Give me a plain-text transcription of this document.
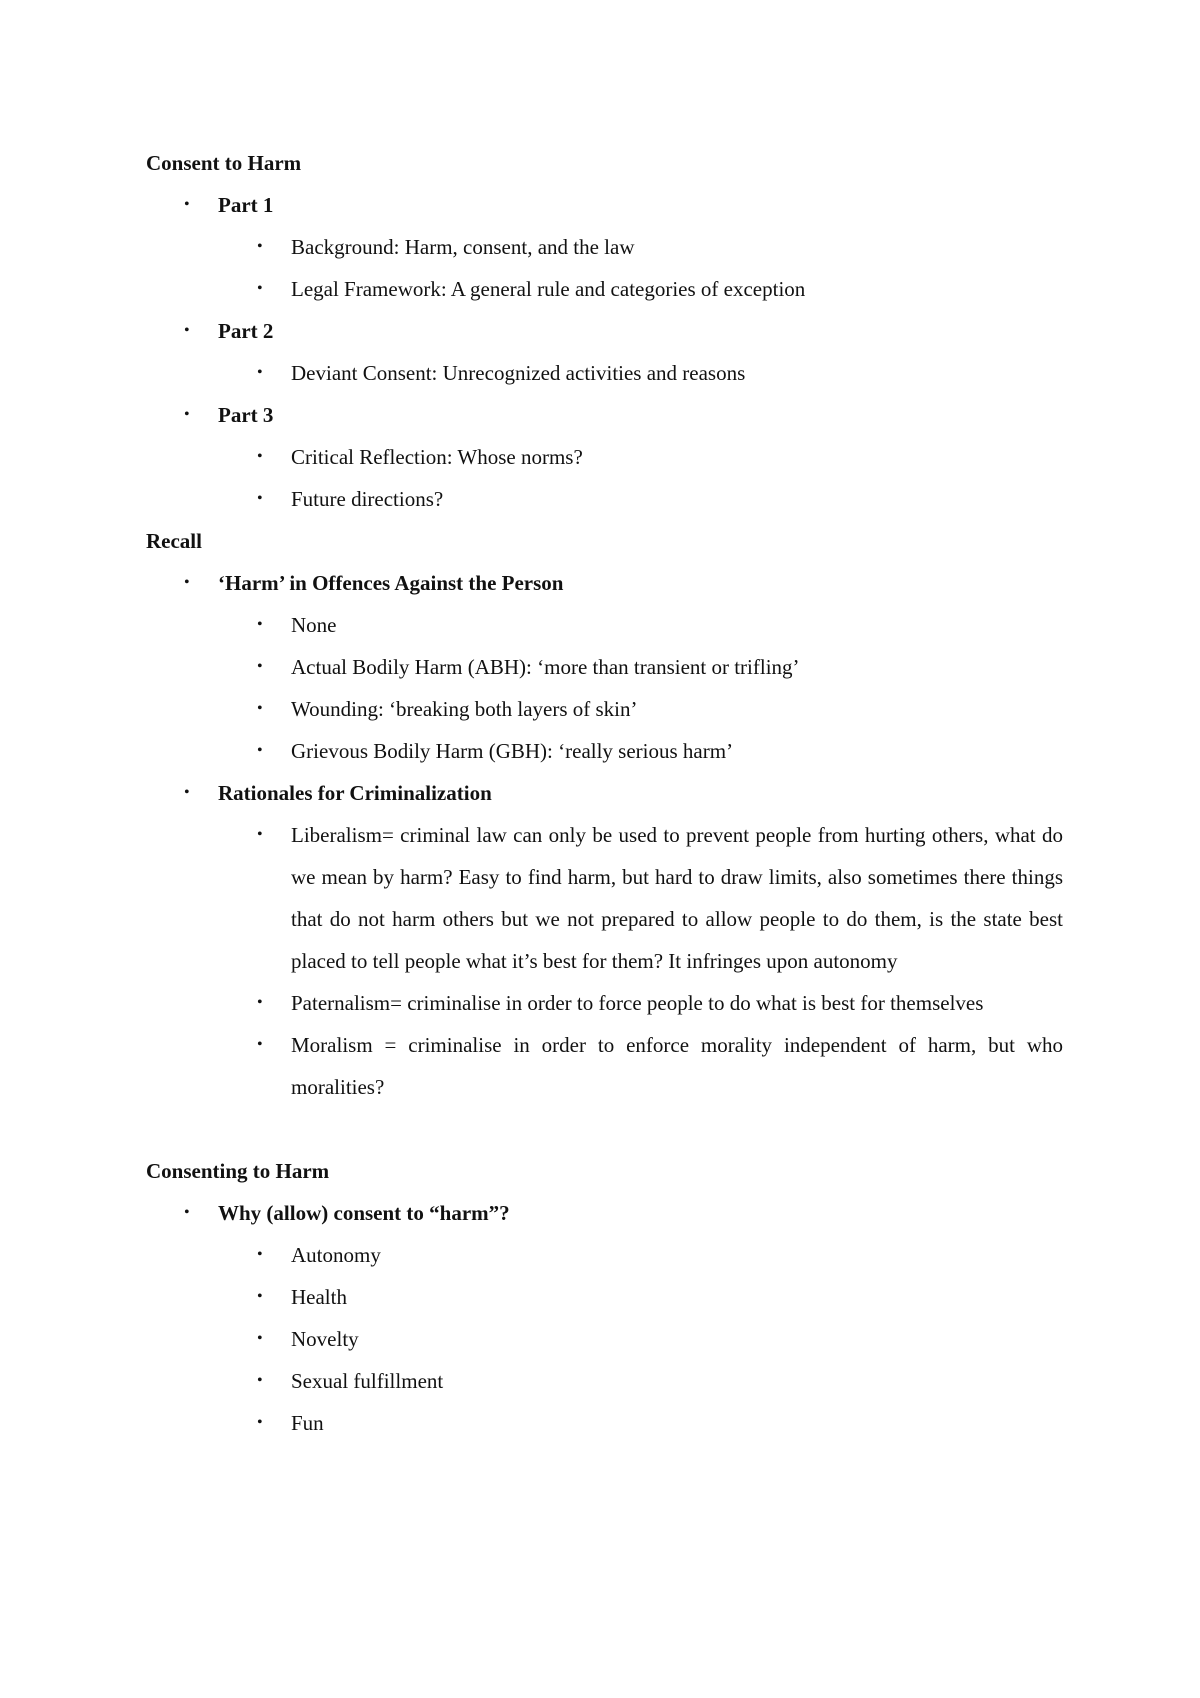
Consent to Harm
• Part 1
• Background: Harm, consent, and the law
• Legal Framework: A general rule and categories of exception
• Part 2
• Deviant Consent: Unrecognized activities and reasons
• Part 3
• Critical Reflection: Whose norms?
• Future directions?
Recall
• ‘Harm’ in Offences Against the Person
• None
• Actual Bodily Harm (ABH): ‘more than transient or trifling’
• Wounding: ‘breaking both layers of skin’
• Grievous Bodily Harm (GBH): ‘really serious harm’
• Rationales for Criminalization
• Liberalism= criminal law can only be used to prevent people from hurting others, what do we mean by harm? Easy to find harm, but hard to draw limits, also sometimes there things that do not harm others but we not prepared to allow people to do them, is the state best placed to tell people what it’s best for them? It infringes upon autonomy
• Paternalism= criminalise in order to force people to do what is best for themselves
• Moralism = criminalise in order to enforce morality independent of harm, but who moralities?
Consenting to Harm
• Why (allow) consent to “harm”?
• Autonomy
• Health
• Novelty
• Sexual fulfillment
• Fun
